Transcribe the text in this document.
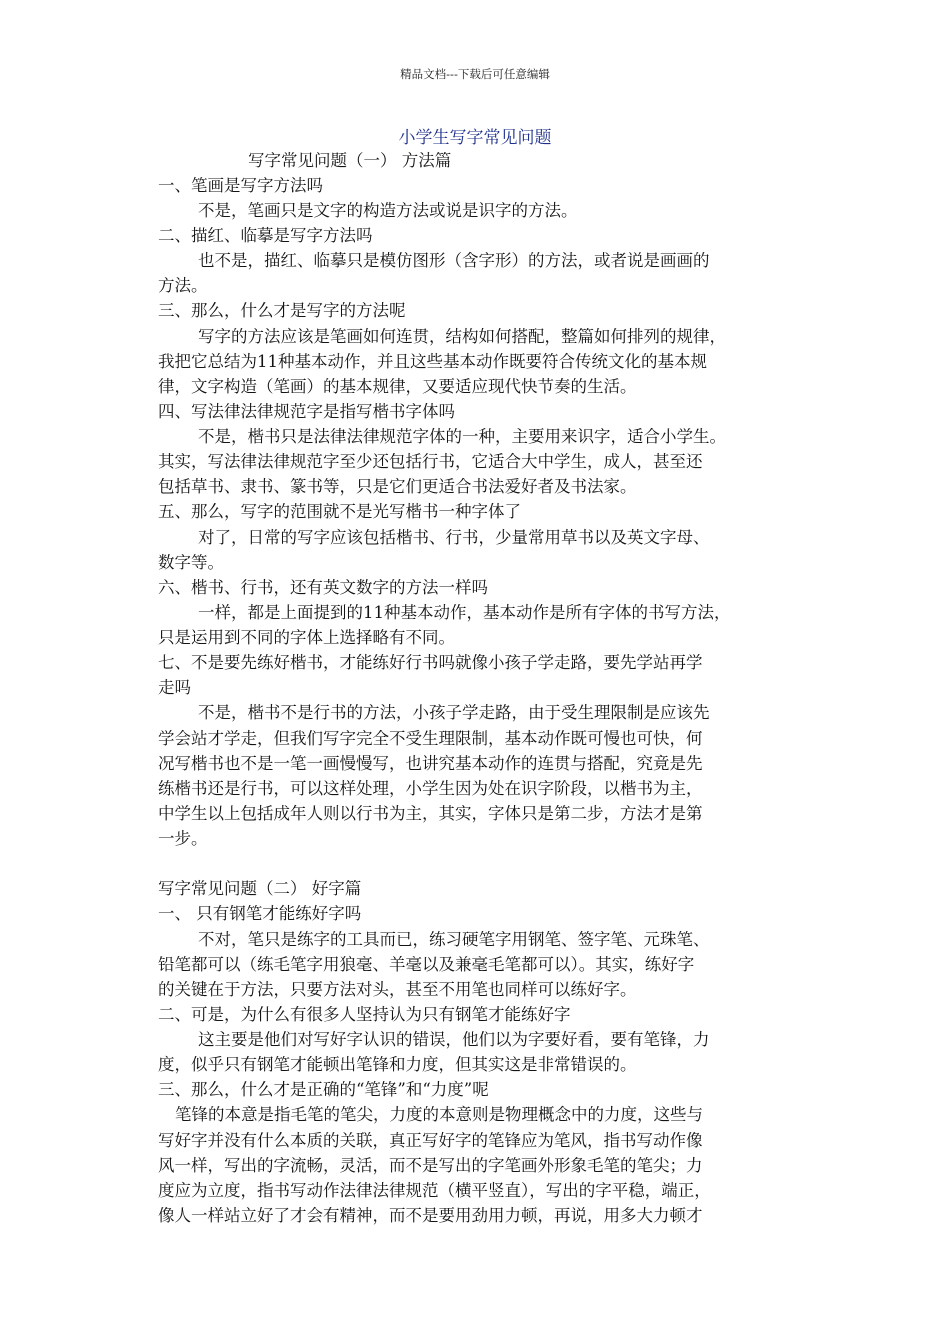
精品文档---下载后可任意编辑
小学生写字常见问题
写字常见问题（一） 方法篇
一、笔画是写字方法吗
不是，笔画只是文字的构造方法或说是识字的方法。
二、描红、临摹是写字方法吗
也不是，描红、临摹只是模仿图形（含字形）的方法，或者说是画画的
方法。
三、那么，什么才是写字的方法呢
写字的方法应该是笔画如何连贯，结构如何搭配，整篇如何排列的规律，
我把它总结为11种基本动作，并且这些基本动作既要符合传统文化的基本规
律，文字构造（笔画）的基本规律，又要适应现代快节奏的生活。
四、写法律法律规范字是指写楷书字体吗
不是，楷书只是法律法律规范字体的一种，主要用来识字，适合小学生。
其实，写法律法律规范字至少还包括行书，它适合大中学生，成人，甚至还
包括草书、隶书、篆书等，只是它们更适合书法爱好者及书法家。
五、那么，写字的范围就不是光写楷书一种字体了
对了，日常的写字应该包括楷书、行书，少量常用草书以及英文字母、
数字等。
六、楷书、行书，还有英文数字的方法一样吗
一样，都是上面提到的11种基本动作，基本动作是所有字体的书写方法，
只是运用到不同的字体上选择略有不同。
七、不是要先练好楷书，才能练好行书吗就像小孩子学走路，要先学站再学
走吗
不是，楷书不是行书的方法，小孩子学走路，由于受生理限制是应该先
学会站才学走，但我们写字完全不受生理限制，基本动作既可慢也可快，何
况写楷书也不是一笔一画慢慢写，也讲究基本动作的连贯与搭配，究竟是先
练楷书还是行书，可以这样处理，小学生因为处在识字阶段，以楷书为主，
中学生以上包括成年人则以行书为主，其实，字体只是第二步，方法才是第
一步。
写字常见问题（二） 好字篇
一、 只有钢笔才能练好字吗
不对，笔只是练字的工具而已，练习硬笔字用钢笔、签字笔、元珠笔、
铅笔都可以（练毛笔字用狼毫、羊毫以及兼毫毛笔都可以）。其实，练好字
的关键在于方法，只要方法对头，甚至不用笔也同样可以练好字。
二、可是，为什么有很多人坚持认为只有钢笔才能练好字
这主要是他们对写好字认识的错误，他们以为字要好看，要有笔锋，力
度，似乎只有钢笔才能顿出笔锋和力度，但其实这是非常错误的。
三、那么，什么才是正确的“笔锋”和“力度”呢
笔锋的本意是指毛笔的笔尖，力度的本意则是物理概念中的力度，这些与
写好字并没有什么本质的关联，真正写好字的笔锋应为笔风，指书写动作像
风一样，写出的字流畅，灵活，而不是写出的字笔画外形象毛笔的笔尖；力
度应为立度，指书写动作法律法律规范（横平竖直），写出的字平稳，端正，
像人一样站立好了才会有精神，而不是要用劲用力顿，再说，用多大力顿才
